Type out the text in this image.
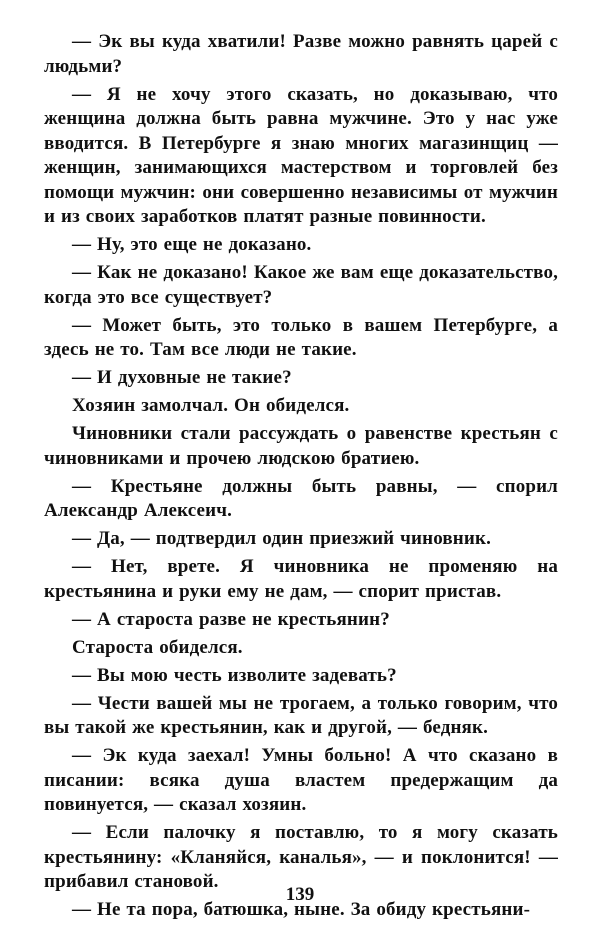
— Эк вы куда хватили! Разве можно равнять царей с людьми?

— Я не хочу этого сказать, но доказываю, что женщина должна быть равна мужчине. Это у нас уже вводится. В Петербурге я знаю многих магазинщиц — женщин, занимающихся мастерством и торговлей без помощи мужчин: они совершенно независимы от мужчин и из своих заработков платят разные повинности.

— Ну, это еще не доказано.

— Как не доказано! Какое же вам еще доказательство, когда это все существует?

— Может быть, это только в вашем Петербурге, а здесь не то. Там все люди не такие.

— И духовные не такие?

Хозяин замолчал. Он обиделся.

Чиновники стали рассуждать о равенстве крестьян с чиновниками и прочею людскою братиею.

— Крестьяне должны быть равны, — спорил Александр Алексеич.

— Да, — подтвердил один приезжий чиновник.

— Нет, врете. Я чиновника не променяю на крестьянина и руки ему не дам, — спорит пристав.

— А староста разве не крестьянин?

Староста обиделся.

— Вы мою честь изволите задевать?

— Чести вашей мы не трогаем, а только говорим, что вы такой же крестьянин, как и другой, — бедняк.

— Эк куда заехал! Умны больно! А что сказано в писании: всяка душа властем предержащим да повинуется, — сказал хозяин.

— Если палочку я поставлю, то я могу сказать крестьянину: «Кланяйся, каналья», — и поклонится! — прибавил становой.

— Не та пора, батюшка, ныне. За обиду крестьяни-

139
